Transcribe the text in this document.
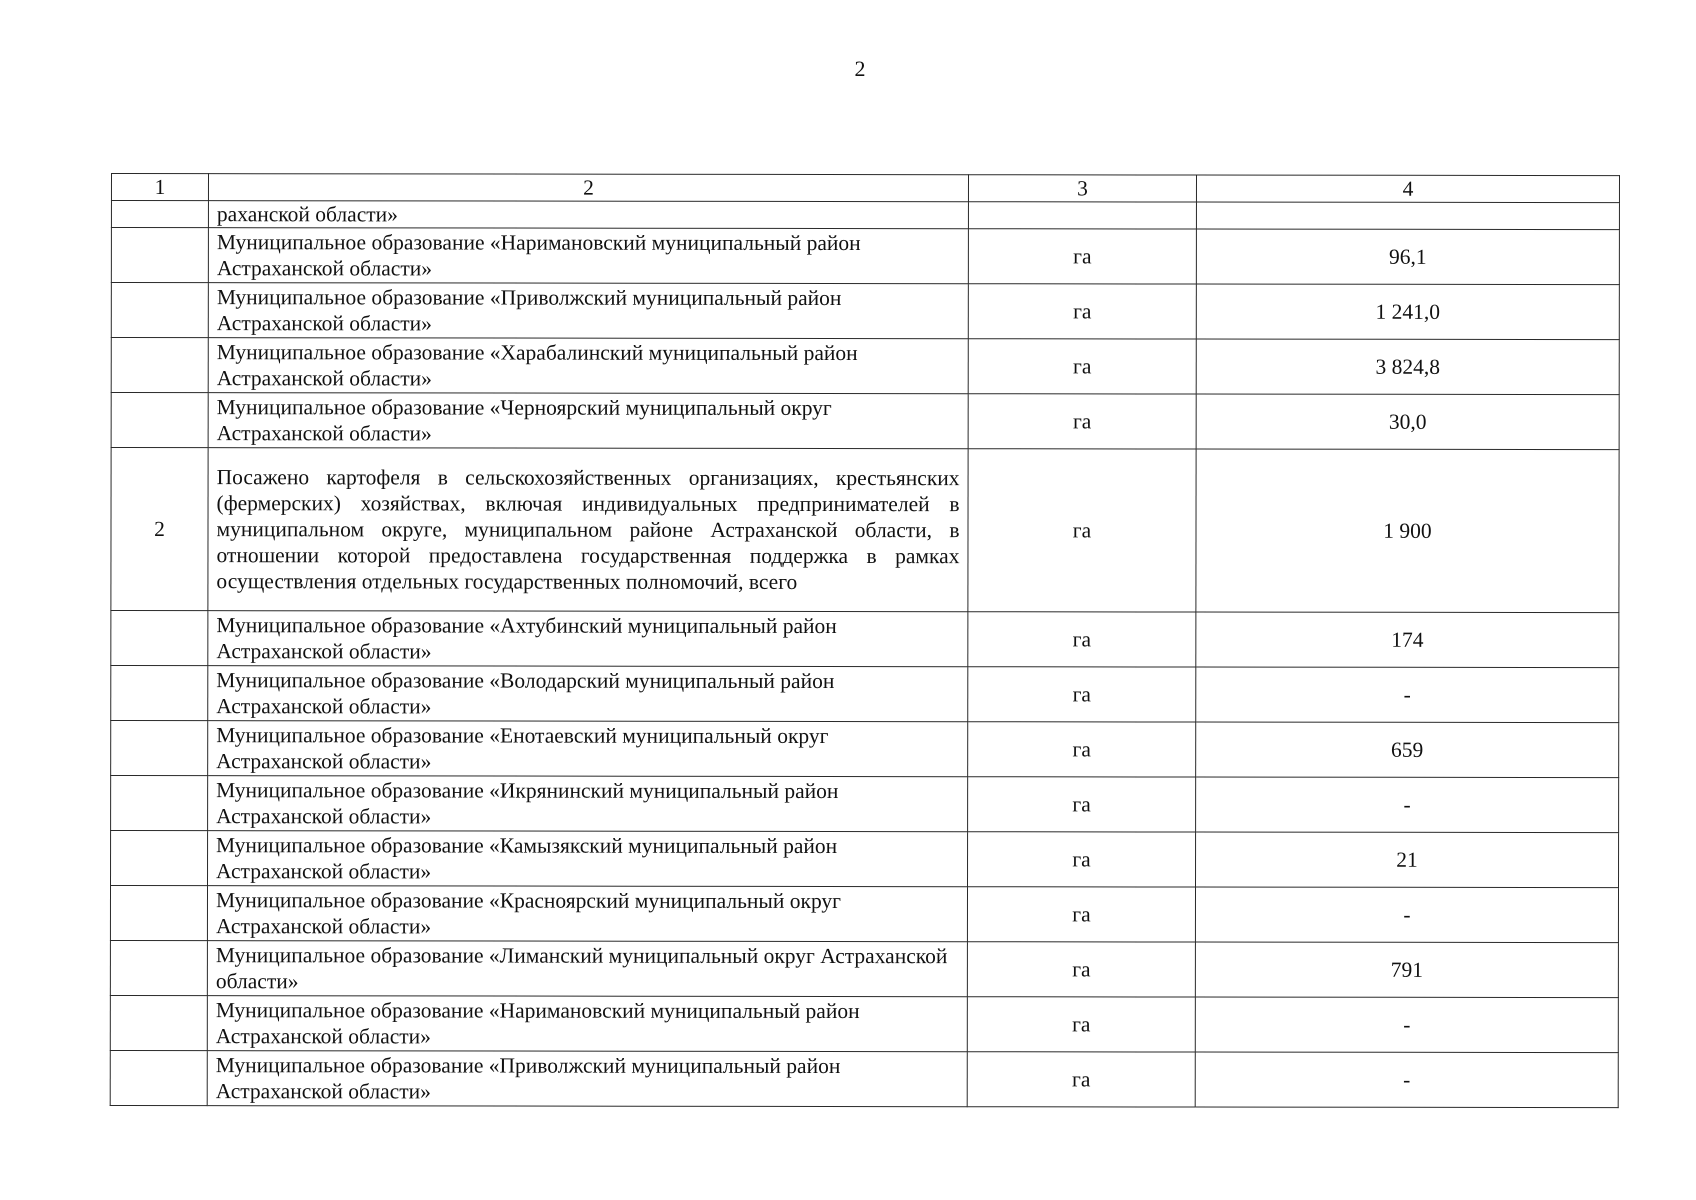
2
1	2	3	4
	раханской области»		
	Муниципальное образование «Наримановский муниципальный район Астраханской области»	га	96,1
	Муниципальное образование «Приволжский муниципальный район Астраханской области»	га	1 241,0
	Муниципальное образование «Харабалинский муниципальный район Астраханской области»	га	3 824,8
	Муниципальное образование «Черноярский муниципальный округ Астраханской области»	га	30,0
2	Посажено картофеля в сельскохозяйственных организациях, крестьянских (фермерских) хозяйствах, включая индивидуальных предпринимателей в муниципальном округе, муниципальном районе Астраханской области, в отношении которой предоставлена государственная поддержка в рамках осуществления отдельных государственных полномочий, всего	га	1 900
	Муниципальное образование «Ахтубинский муниципальный район Астраханской области»	га	174
	Муниципальное образование «Володарский муниципальный район Астраханской области»	га	-
	Муниципальное образование «Енотаевский муниципальный округ Астраханской области»	га	659
	Муниципальное образование «Икрянинский муниципальный район Астраханской области»	га	-
	Муниципальное образование «Камызякский муниципальный район Астраханской области»	га	21
	Муниципальное образование «Красноярский муниципальный округ Астраханской области»	га	-
	Муниципальное образование «Лиманский муниципальный округ Астраханской области»	га	791
	Муниципальное образование «Наримановский муниципальный район Астраханской области»	га	-
	Муниципальное образование «Приволжский муниципальный район Астраханской области»	га	-
